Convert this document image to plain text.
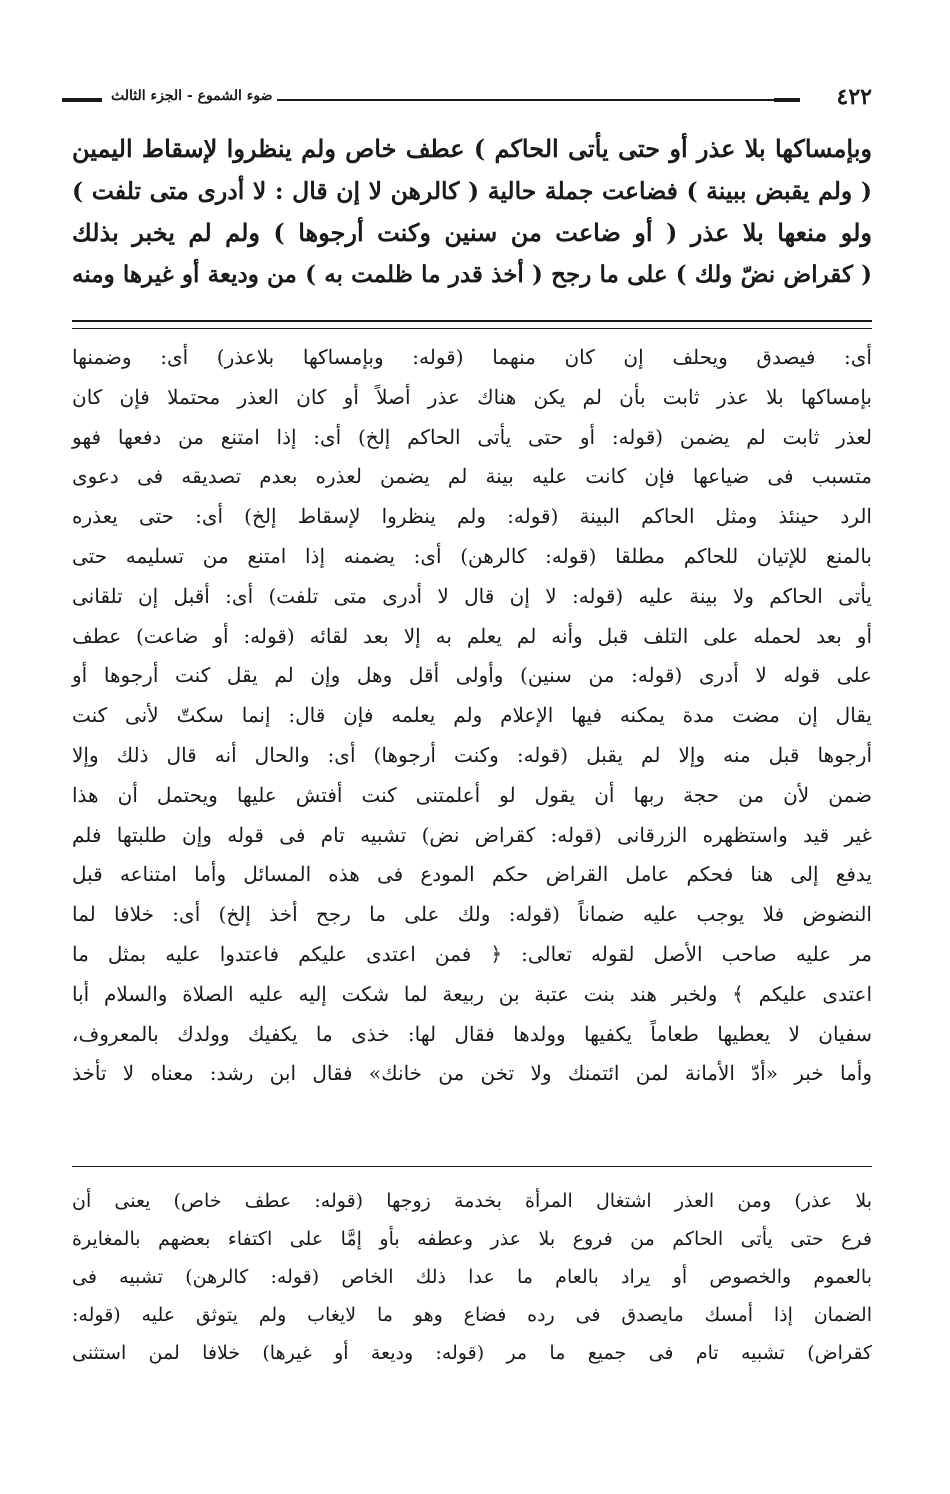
٤٢٢
ضوء الشموع - الجزء الثالث
وبإمساكها بلا عذر أو حتى يأتى الحاكم ) عطف خاص ولم ينظروا لإسقاط اليمين
( ولم يقبض ببينة ) فضاعت جملة حالية ( كالرهن لا إن قال : لا أدرى متى تلفت )
ولو منعها بلا عذر ( أو ضاعت من سنين وكنت أرجوها ) ولم لم يخبر بذلك
( كقراض نضّ ولك ) على ما رجح ( أخذ قدر ما ظلمت به ) من وديعة أو غيرها ومنه
أى: فيصدق ويحلف إن كان منهما (قوله: وبإمساكها بلاعذر) أى: وضمنها
بإمساكها بلا عذر ثابت بأن لم يكن هناك عذر أصلاً أو كان العذر محتملا فإن كان
لعذر ثابت لم يضمن (قوله: أو حتى يأتى الحاكم إلخ) أى: إذا امتنع من دفعها فهو
متسبب فى ضياعها فإن كانت عليه بينة لم يضمن لعذره بعدم تصديقه فى دعوى
الرد حينئذ ومثل الحاكم البينة (قوله: ولم ينظروا لإسقاط إلخ) أى: حتى يعذره
بالمنع للإتيان للحاكم مطلقا (قوله: كالرهن) أى: يضمنه إذا امتنع من تسليمه حتى
يأتى الحاكم ولا بينة عليه (قوله: لا إن قال لا أدرى متى تلفت) أى: أقبل إن تلقانى
أو بعد لحمله على التلف قبل وأنه لم يعلم به إلا بعد لقائه (قوله: أو ضاعت) عطف
على قوله لا أدرى (قوله: من سنين) وأولى أقل وهل وإن لم يقل كنت أرجوها أو
يقال إن مضت مدة يمكنه فيها الإعلام ولم يعلمه فإن قال: إنما سكتّ لأنى كنت
أرجوها قبل منه وإلا لم يقبل (قوله: وكنت أرجوها) أى: والحال أنه قال ذلك وإلا
ضمن لأن من حجة ربها أن يقول لو أعلمتنى كنت أفتش عليها ويحتمل أن هذا
غير قيد واستظهره الزرقانى (قوله: كقراض نض) تشبيه تام فى قوله وإن طلبتها فلم
يدفع إلى هنا فحكم عامل القراض حكم المودع فى هذه المسائل وأما امتناعه قبل
النضوض فلا يوجب عليه ضماناً (قوله: ولك على ما رجح أخذ إلخ) أى: خلافا لما
مر عليه صاحب الأصل لقوله تعالى: ﴿ فمن اعتدى عليكم فاعتدوا عليه بمثل ما
اعتدى عليكم ﴾ ولخبر هند بنت عتبة بن ربيعة لما شكت إليه عليه الصلاة والسلام أبا
سفيان لا يعطيها طعاماً يكفيها وولدها فقال لها: خذى ما يكفيك وولدك بالمعروف،
وأما خبر «أدّ الأمانة لمن ائتمنك ولا تخن من خانك» فقال ابن رشد: معناه لا تأخذ
بلا عذر) ومن العذر اشتغال المرأة بخدمة زوجها (قوله: عطف خاص) يعنى أن
فرع حتى يأتى الحاكم من فروع بلا عذر وعطفه بأو إمَّا على اكتفاء بعضهم بالمغايرة
بالعموم والخصوص أو يراد بالعام ما عدا ذلك الخاص (قوله: كالرهن) تشبيه فى
الضمان إذا أمسك مايصدق فى رده فضاع وهو ما لايغاب ولم يتوثق عليه (قوله:
كقراض) تشبيه تام فى جميع ما مر (قوله: وديعة أو غيرها) خلافا لمن استثنى
